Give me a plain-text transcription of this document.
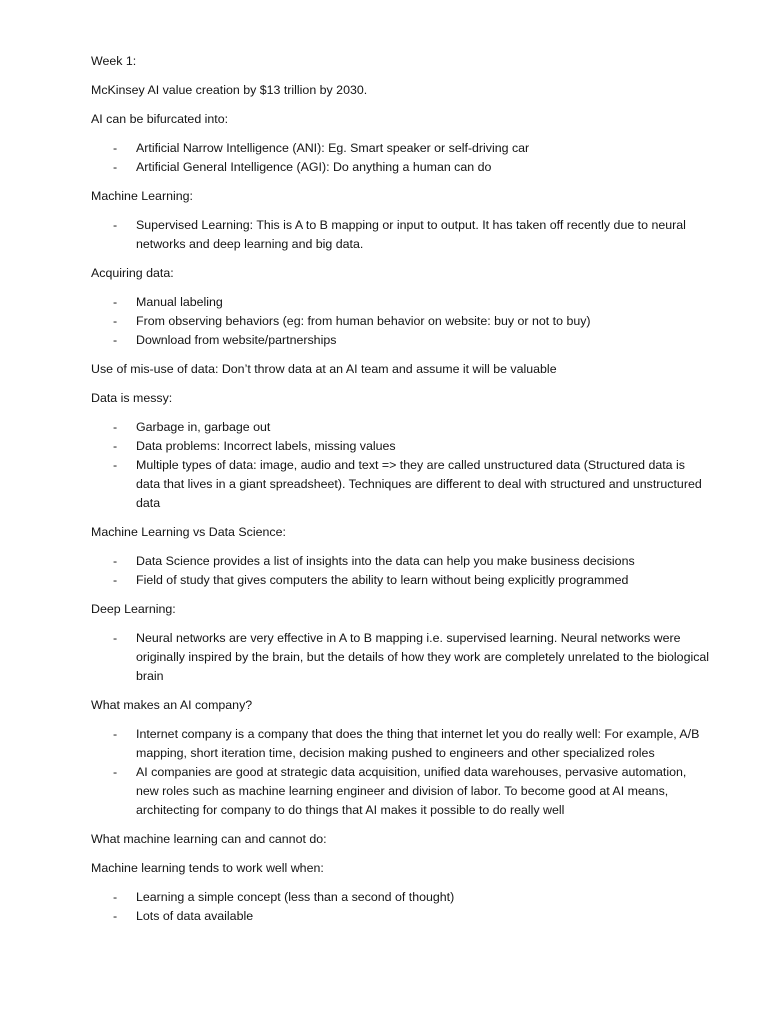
Week 1:

McKinsey AI value creation by $13 trillion by 2030.

AI can be bifurcated into:

- Artificial Narrow Intelligence (ANI): Eg. Smart speaker or self-driving car
- Artificial General Intelligence (AGI): Do anything a human can do

Machine Learning:

- Supervised Learning: This is A to B mapping or input to output. It has taken off recently due to neural networks and deep learning and big data.

Acquiring data:

- Manual labeling
- From observing behaviors (eg: from human behavior on website: buy or not to buy)
- Download from website/partnerships

Use of mis-use of data: Don’t throw data at an AI team and assume it will be valuable

Data is messy:

- Garbage in, garbage out
- Data problems: Incorrect labels, missing values
- Multiple types of data: image, audio and text => they are called unstructured data (Structured data is data that lives in a giant spreadsheet). Techniques are different to deal with structured and unstructured data

Machine Learning vs Data Science:

- Data Science provides a list of insights into the data can help you make business decisions
- Field of study that gives computers the ability to learn without being explicitly programmed

Deep Learning:

- Neural networks are very effective in A to B mapping i.e. supervised learning. Neural networks were originally inspired by the brain, but the details of how they work are completely unrelated to the biological brain

What makes an AI company?

- Internet company is a company that does the thing that internet let you do really well: For example, A/B mapping, short iteration time, decision making pushed to engineers and other specialized roles
- AI companies are good at strategic data acquisition, unified data warehouses, pervasive automation, new roles such as machine learning engineer and division of labor. To become good at AI means, architecting for company to do things that AI makes it possible to do really well

What machine learning can and cannot do:

Machine learning tends to work well when:

- Learning a simple concept (less than a second of thought)
- Lots of data available
